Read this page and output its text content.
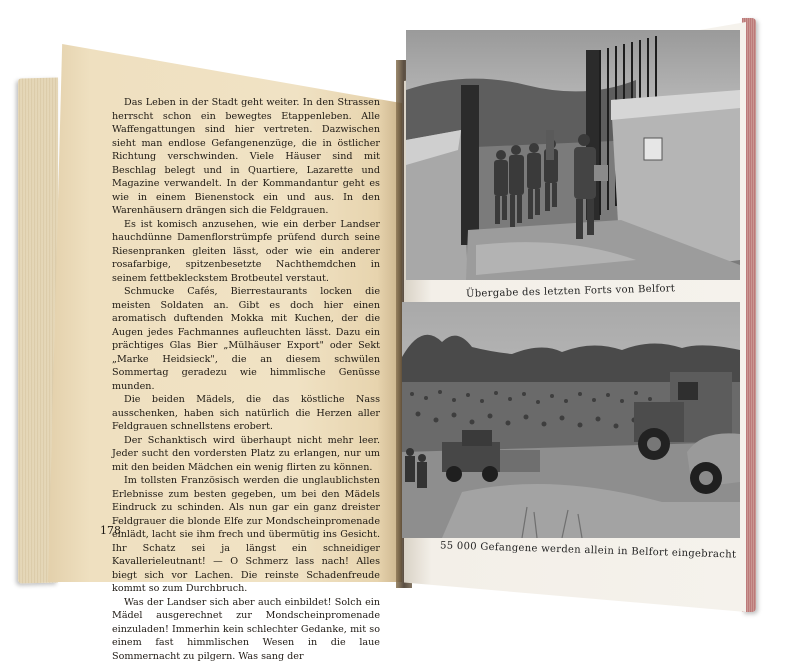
Das Leben in der Stadt geht weiter. In den Strassen herrscht schon ein bewegtes Etappenleben. Alle Waffengattungen sind hier vertreten. Dazwischen sieht man endlose Gefangenenzüge, die in östlicher Richtung verschwinden. Viele Häuser sind mit Beschlag belegt und in Quartiere, Lazarette und Magazine verwandelt. In der Kommandantur geht es wie in einem Bienenstock ein und aus. In den Warenhäusern drängen sich die Feldgrauen.

Es ist komisch anzusehen, wie ein derber Landser hauchdünne Damenflorstrümpfe prüfend durch seine Riesenpranken gleiten lässt, oder wie ein anderer rosafarbige, spitzenbesetzte Nachthemdchen in seinem fettbekleckstem Brotbeutel verstaut.

Schmucke Cafés, Bierrestaurants locken die meisten Soldaten an. Gibt es doch hier einen aromatisch duftenden Mokka mit Kuchen, der die Augen jedes Fachmannes aufleuchten lässt. Dazu ein prächtiges Glas Bier „Mülhäuser Export" oder Sekt „Marke Heidsieck", die an diesem schwülen Sommertag geradezu wie himmlische Genüsse munden.

Die beiden Mädels, die das köstliche Nass ausschenken, haben sich natürlich die Herzen aller Feldgrauen schnellstens erobert.

Der Schanktisch wird überhaupt nicht mehr leer. Jeder sucht den vordersten Platz zu erlangen, nur um mit den beiden Mädchen ein wenig flirten zu können.

Im tollsten Französisch werden die unglaublichsten Erlebnisse zum besten gegeben, um bei den Mädels Eindruck zu schinden. Als nun gar ein ganz dreister Feldgrauer die blonde Elfe zur Mondscheinpromenade einlädt, lacht sie ihm frech und übermütig ins Gesicht. Ihr Schatz sei ja längst ein schneidiger Kavallerieleutnant! — O Schmerz lass nach! Alles biegt sich vor Lachen. Die reinste Schadenfreude kommt so zum Durchbruch.

Was der Landser sich aber auch einbildet! Solch ein Mädel ausgerechnet zur Mondscheinpromenade einzuladen! Immerhin kein schlechter Gedanke, mit so einem fast himmlischen Wesen in die laue Sommernacht zu pilgern. Was sang der

178
Übergabe des letzten Forts von Belfort
55 000 Gefangene werden allein in Belfort eingebracht
